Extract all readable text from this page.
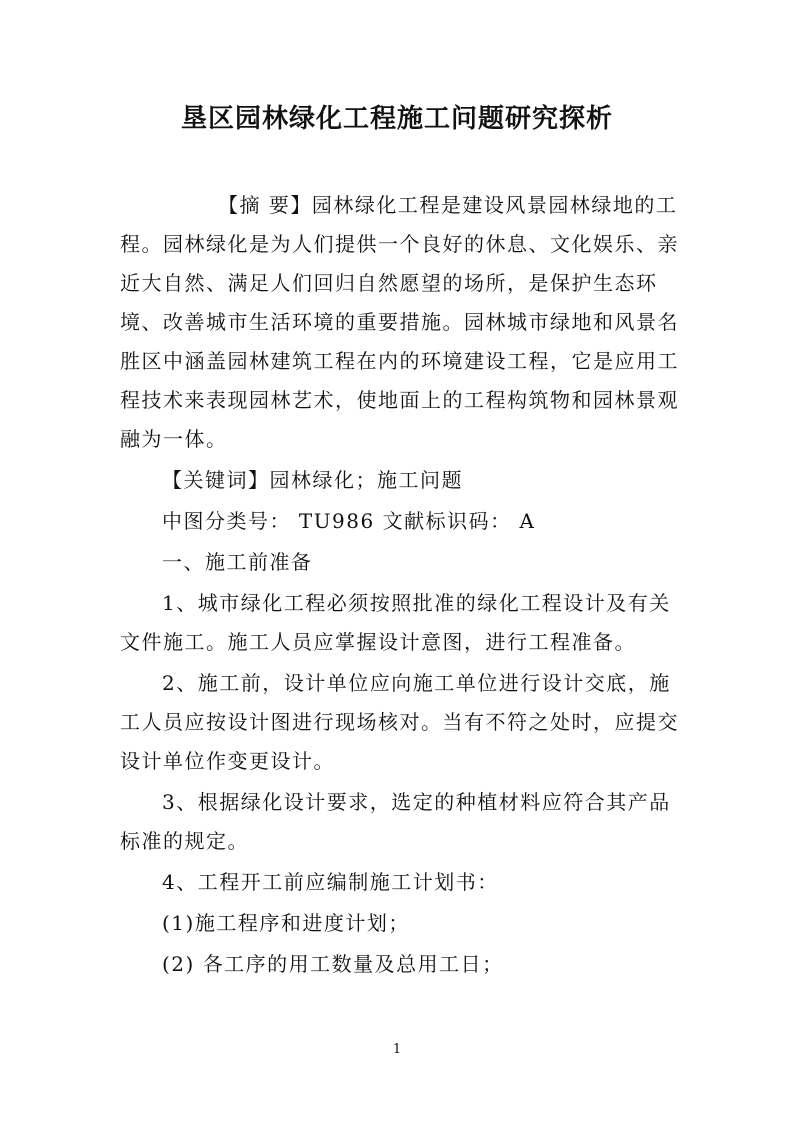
垦区园林绿化工程施工问题研究探析

【摘 要】园林绿化工程是建设风景园林绿地的工程。园林绿化是为人们提供一个良好的休息、文化娱乐、亲近大自然、满足人们回归自然愿望的场所，是保护生态环境、改善城市生活环境的重要措施。园林城市绿地和风景名胜区中涵盖园林建筑工程在内的环境建设工程，它是应用工程技术来表现园林艺术，使地面上的工程构筑物和园林景观融为一体。

【关键词】园林绿化；施工问题

中图分类号： TU986 文献标识码： A

一、施工前准备

1、城市绿化工程必须按照批准的绿化工程设计及有关文件施工。施工人员应掌握设计意图，进行工程准备。

2、施工前，设计单位应向施工单位进行设计交底，施工人员应按设计图进行现场核对。当有不符之处时，应提交设计单位作变更设计。

3、根据绿化设计要求，选定的种植材料应符合其产品标准的规定。

4、工程开工前应编制施工计划书：

(1)施工程序和进度计划；

(2) 各工序的用工数量及总用工日；

1
